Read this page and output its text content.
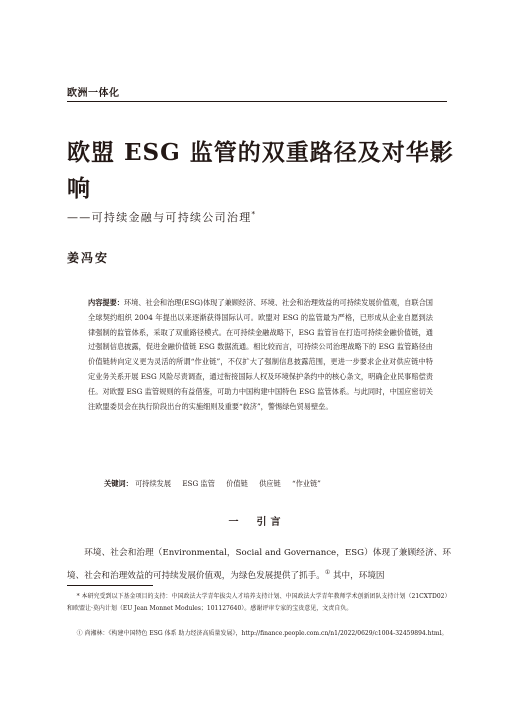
欧洲一体化
欧盟 ESG 监管的双重路径及对华影响
——可持续金融与可持续公司治理*
姜冯安
内容提要：环境、社会和治理(ESG)体现了兼顾经济、环境、社会和治理效益的可持续发展价值观，自联合国全球契约组织 2004 年提出以来逐渐获得国际认可。欧盟对 ESG 的监管最为严格，已形成从企业自愿到法律强制的监管体系，采取了双重路径模式。在可持续金融战略下，ESG 监管旨在打造可持续金融价值链，通过强制信息披露，促进金融价值链 ESG 数据流通。相比较而言，可持续公司治理战略下的 ESG 监管路径由价值链转向定义更为灵活的所谓“作业链”，不仅扩大了强制信息披露范围，更进一步要求企业对供应链中特定业务关系开展 ESG 风险尽责调查，通过衔接国际人权及环境保护条约中的核心条文，明确企业民事赔偿责任。对欧盟 ESG 监管规则的有益借鉴，可助力中国构建中国特色 ESG 监管体系。与此同时，中国应密切关注欧盟委员会在执行阶段出台的实施细则及重要“救济”，警惕绿色贸易壁垒。
关键词： 可持续发展 ESG 监管 价值链 供应链 “作业链”
一　引言
环境、社会和治理（Environmental，Social and Governance，ESG）体现了兼顾经济、环境、社会和治理效益的可持续发展价值观，为绿色发展提供了抓手。① 其中，环境因
* 本研究受到以下基金项目的支持：中国政法大学青年拔尖人才培养支持计划、中国政法大学青年教师学术创新团队支持计划（21CXTD02）和欧盟让·莫内计划（EU Jean Monnet Modules；101127640）。感谢评审专家的宝贵意见，文责自负。
① 尚湘林：《构建中国特色 ESG 体系 助力经济高质量发展》，http://finance.people.com.cn/n1/2022/0629/c1004-32459894.html。
